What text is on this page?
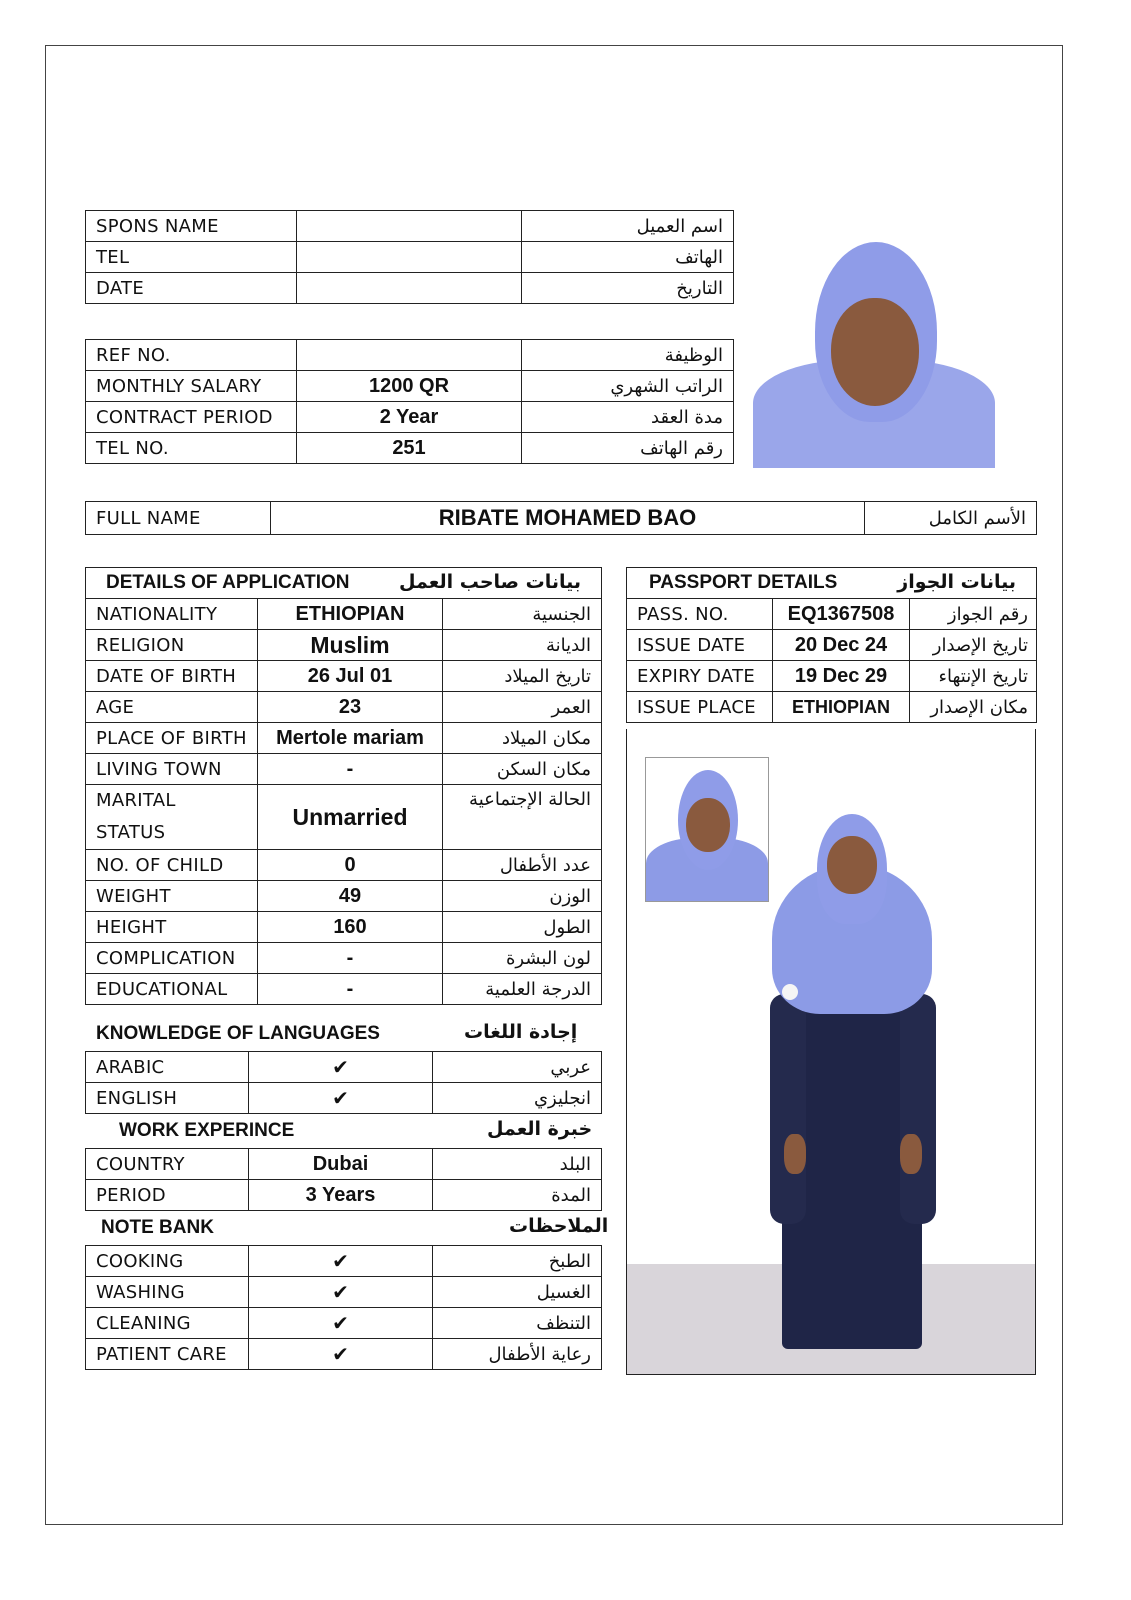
SPONS NAME		اسم العميل
TEL		الهاتف
DATE		التاريخ
REF NO.		الوظيفة
MONTHLY SALARY	1200 QR	الراتب الشهري
CONTRACT PERIOD	2 Year	مدة العقد
TEL NO.	251	رقم الهاتف
FULL NAME	RIBATE MOHAMED BAO	الأسم الكامل
DETAILS OF APPLICATION بيانات صاحب العمل		

NATIONALITY	ETHIOPIAN	الجنسية
RELIGION	Muslim	الديانة
DATE OF BIRTH	26 Jul 01	تاريخ الميلاد
AGE	23	العمر
PLACE OF BIRTH	Mertole mariam	مكان الميلاد
LIVING TOWN	-	مكان السكن
MARITAL
STATUS	Unmarried	الحالة الإجتماعية
NO. OF CHILD	0	عدد الأطفال
WEIGHT	49	الوزن
HEIGHT	160	الطول
COMPLICATION	-	لون البشرة
EDUCATIONAL	-	الدرجة العلمية
KNOWLEDGE OF LANGUAGES	إجادة اللغات
ARABIC	✔	عربي
ENGLISH	✔	انجليزي
WORK EXPERINCE	خبرة العمل
COUNTRY	Dubai	البلد
PERIOD	3 Years	المدة
NOTE BANK	الملاحظات
COOKING	✔	الطبخ
WASHING	✔	الغسيل
CLEANING	✔	التنظف
PATIENT CARE	✔	رعاية الأطفال
PASSPORT DETAILS بيانات الجواز		

PASS. NO.	EQ1367508	رقم الجواز
ISSUE DATE	20 Dec 24	تاريخ الإصدار
EXPIRY DATE	19 Dec 29	تاريخ الإنتهاء
ISSUE PLACE	ETHIOPIAN	مكان الإصدار
